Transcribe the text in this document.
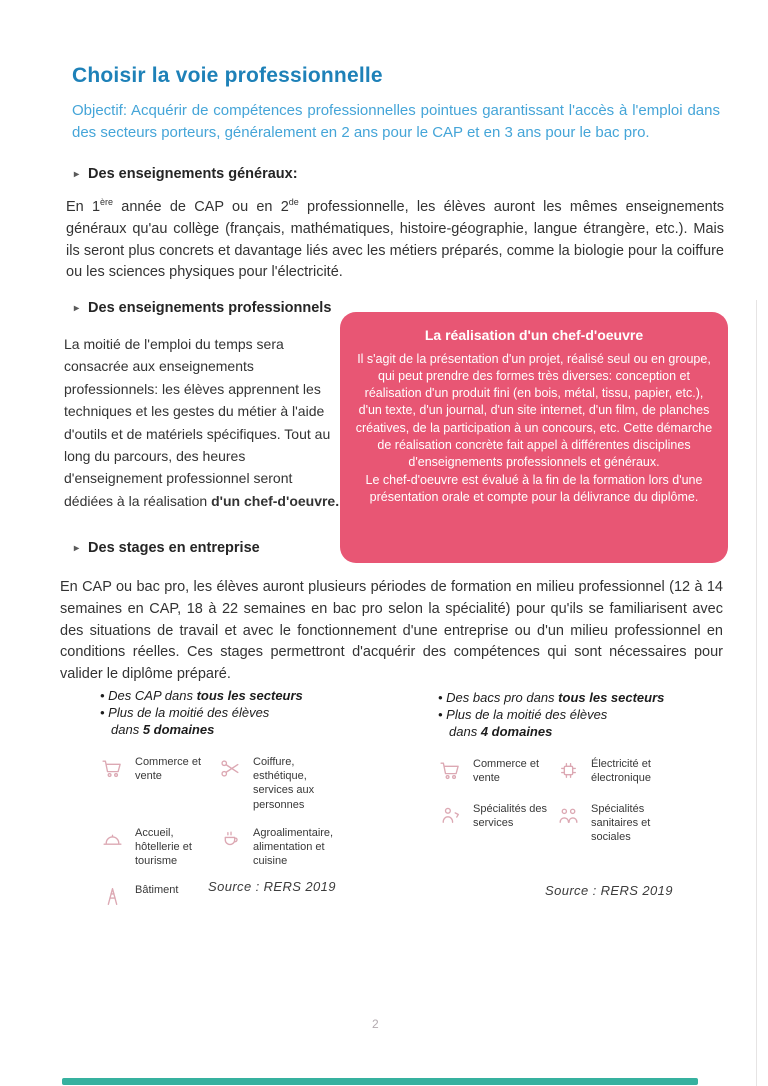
Choisir la voie professionnelle

Objectif: Acquérir de compétences professionnelles pointues garantissant l'accès à l'emploi dans des secteurs porteurs, généralement en 2 ans pour le CAP et en 3 ans pour le bac pro.

▸ Des enseignements généraux:

En 1ère année de CAP ou en 2de professionnelle, les élèves auront les mêmes enseignements généraux qu'au collège (français, mathématiques, histoire-géographie, langue étrangère, etc.). Mais ils seront plus concrets et davantage liés avec les métiers préparés, comme la biologie pour la coiffure ou les sciences physiques pour l'électricité.

▸ Des enseignements professionnels

La moitié de l'emploi du temps sera consacrée aux enseignements professionnels: les élèves apprennent les techniques et les gestes du métier à l'aide d'outils et de matériels spécifiques. Tout au long du parcours, des heures d'enseignement professionnel seront dédiées à la réalisation d'un chef-d'oeuvre.

La réalisation d'un chef-d'oeuvre

Il s'agit de la présentation d'un projet, réalisé seul ou en groupe, qui peut prendre des formes très diverses: conception et réalisation d'un produit fini (en bois, métal, tissu, papier, etc.), d'un texte, d'un journal, d'un site internet, d'un film, de planches créatives, de la participation à un concours, etc. Cette démarche de réalisation concrète fait appel à différentes disciplines d'enseignements professionnels et généraux.

Le chef-d'oeuvre est évalué à la fin de la formation lors d'une présentation orale et compte pour la délivrance du diplôme.

▸ Des stages en entreprise

En CAP ou bac pro, les élèves auront plusieurs périodes de formation en milieu professionnel (12 à 14 semaines en CAP, 18 à 22 semaines en bac pro selon la spécialité) pour qu'ils se familiarisent avec des situations de travail et avec le fonctionnement d'une entreprise ou d'un milieu professionnel en conditions réelles. Ces stages permettront d'acquérir des compétences qui sont nécessaires pour valider le diplôme préparé.

• Des CAP dans tous les secteurs
• Plus de la moitié des élèves
dans 5 domaines
Commerce et vente
Coiffure, esthétique, services aux personnes
Accueil, hôtellerie et tourisme
Agroalimentaire, alimentation et cuisine
Bâtiment
• Des bacs pro dans tous les secteurs
• Plus de la moitié des élèves
dans 4 domaines
Commerce et vente
Électricité et électronique
Spécialités des services
Spécialités sanitaires et sociales
Source : RERS 2019	Source : RERS 2019
2
